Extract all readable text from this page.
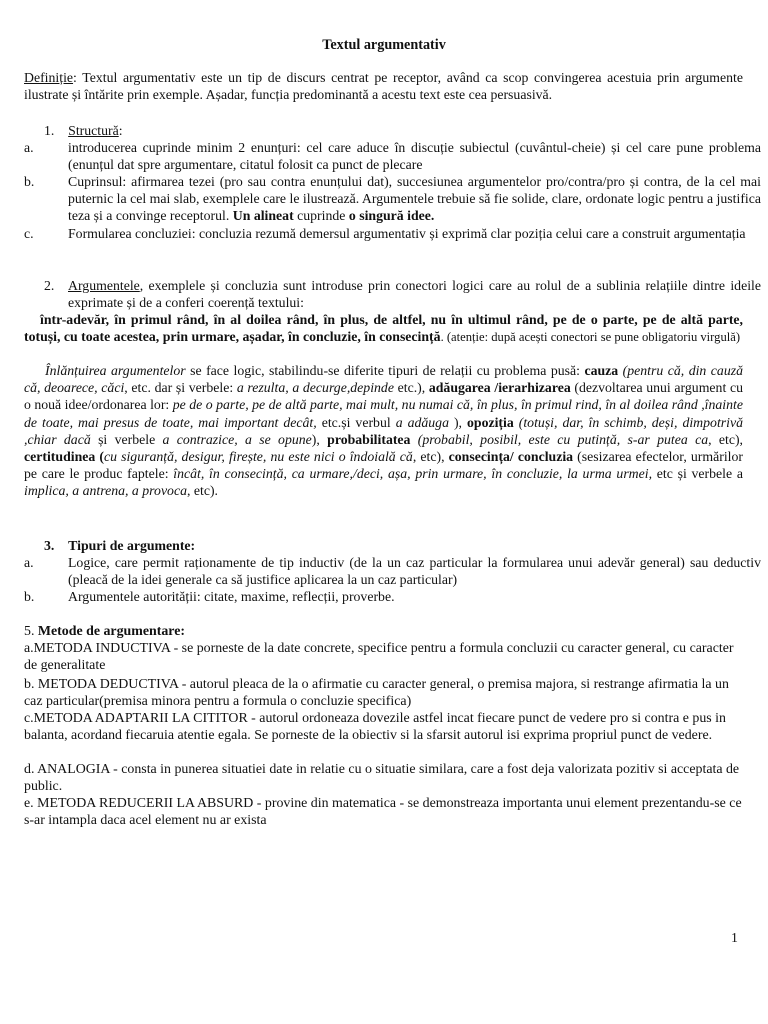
Textul argumentativ

Definiție: Textul argumentativ este un tip de discurs centrat pe receptor, având ca scop convingerea acestuia prin argumente ilustrate și întărite prin exemple. Așadar, funcția predominantă a acestu text este cea persuasivă.

1. Structură:
a. introducerea cuprinde minim 2 enunțuri: cel care aduce în discuție subiectul (cuvântul-cheie) și cel care pune problema (enunțul dat spre argumentare, citatul folosit ca punct de plecare
b. Cuprinsul: afirmarea tezei (pro sau contra enunțului dat), succesiunea argumentelor pro/contra/pro și contra, de la cel mai puternic la cel mai slab, exemplele care le ilustrează. Argumentele trebuie să fie solide, clare, ordonate logic pentru a justifica teza și a convinge receptorul. Un alineat cuprinde o singură idee.
c. Formularea concluziei: concluzia rezumă demersul argumentativ și exprimă clar poziția celui care a construit argumentația
2. Argumentele, exemplele și concluzia sunt introduse prin conectori logici care au rolul de a sublinia relațiile dintre ideile exprimate și de a conferi coerență textului:
într-adevăr, în primul rând, în al doilea rând, în plus, de altfel, nu în ultimul rând, pe de o parte, pe de altă parte, totuși, cu toate acestea, prin urmare, așadar, în concluzie, în consecință. (atenție: după acești conectori se pune obligatoriu virgulă)
Înlănțuirea argumentelor se face logic, stabilindu-se diferite tipuri de relații cu problema pusă: cauza (pentru că, din cauză că, deoarece, căci, etc. dar și verbele: a rezulta, a decurge,depinde etc.), adăugarea /ierarhizarea (dezvoltarea unui argument cu o nouă idee/ordonarea lor: pe de o parte, pe de altă parte, mai mult, nu numai că, în plus, în primul rind, în al doilea rând ,înainte de toate, mai presus de toate, mai important decât, etc.și verbul a adăuga ), opoziția (totuși, dar, în schimb, deși, dimpotrivă ,chiar dacă și verbele a contrazice, a se opune), probabilitatea (probabil, posibil, este cu putință, s-ar putea ca, etc), certitudinea (cu siguranță, desigur, firește, nu este nici o îndoială că, etc), consecința/ concluzia (sesizarea efectelor, urmărilor pe care le produc faptele: încât, în consecință, ca urmare,/deci, așa, prin urmare, în concluzie, la urma urmei, etc și verbele a implica, a antrena, a provoca, etc).
3. Tipuri de argumente:
a. Logice, care permit raționamente de tip inductiv (de la un caz particular la formularea unui adevăr general) sau deductiv (pleacă de la idei generale ca să justifice aplicarea la un caz particular)
b. Argumentele autorității: citate, maxime, reflecții, proverbe.
5. Metode de argumentare:
a.METODA INDUCTIVA - se porneste de la date concrete, specifice pentru a formula concluzii cu caracter general, cu caracter de generalitate
b. METODA DEDUCTIVA - autorul pleaca de la o afirmatie cu caracter general, o premisa majora, si restrange afirmatia la un caz particular(premisa minora pentru a formula o concluzie specifica)
c.METODA ADAPTARII LA CITITOR - autorul ordoneaza dovezile astfel incat fiecare punct de vedere pro si contra e pus in balanta, acordand fiecaruia atentie egala. Se porneste de la obiectiv si la sfarsit autorul isi exprima propriul punct de vedere.
d. ANALOGIA - consta in punerea situatiei date in relatie cu o situatie similara, care a fost deja valorizata pozitiv si acceptata de public.
e. METODA REDUCERII LA ABSURD - provine din matematica - se demonstreaza importanta unui element prezentandu-se ce s-ar intampla daca acel element nu ar exista
1
